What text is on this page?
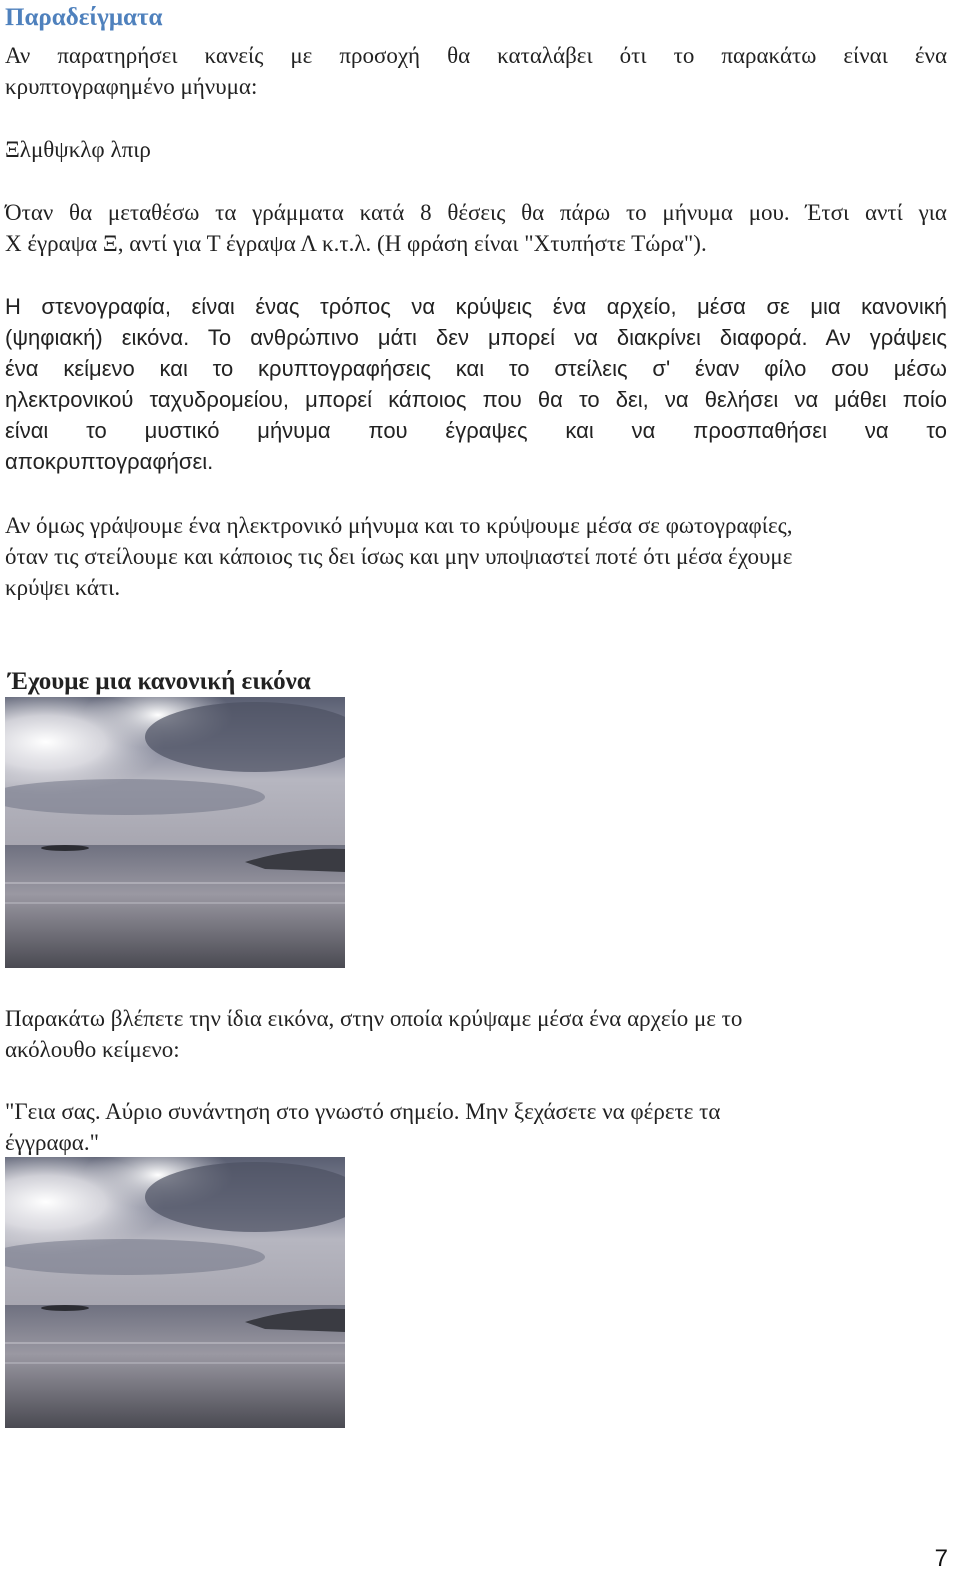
Παραδείγματα

Αν παρατηρήσει κανείς με προσοχή θα καταλάβει ότι το παρακάτω είναι ένα
κρυπτογραφημένο μήνυμα:

Ξλμθψκλφ λπιρ

Όταν θα μεταθέσω τα γράμματα κατά 8 θέσεις θα πάρω το μήνυμα μου. Έτσι αντί για
Χ έγραψα Ξ, αντί για Τ έγραψα Λ κ.τ.λ. (Η φράση είναι "Χτυπήστε Τώρα").

Η στενογραφία, είναι ένας τρόπος να κρύψεις ένα αρχείο, μέσα σε μια κανονική
(ψηφιακή) εικόνα. Το ανθρώπινο μάτι δεν μπορεί να διακρίνει διαφορά. Αν γράψεις
ένα κείμενο και το κρυπτογραφήσεις και το στείλεις σ' έναν φίλο σου μέσω
ηλεκτρονικού ταχυδρομείου, μπορεί κάποιος που θα το δει, να θελήσει να μάθει ποίο
είναι το μυστικό μήνυμα που έγραψες και να προσπαθήσει να το
αποκρυπτογραφήσει.

Αν όμως γράψουμε ένα ηλεκτρονικό μήνυμα και το κρύψουμε μέσα σε φωτογραφίες,
όταν τις στείλουμε και κάποιος τις δει ίσως και μην υποψιαστεί ποτέ ότι μέσα έχουμε
κρύψει κάτι.

Έχουμε μια κανονική εικόνα

Παρακάτω βλέπετε την ίδια εικόνα, στην οποία κρύψαμε μέσα ένα αρχείο με το
ακόλουθο κείμενο:

"Γεια σας. Αύριο συνάντηση στο γνωστό σημείο. Μην ξεχάσετε να φέρετε τα
έγγραφα."

7
